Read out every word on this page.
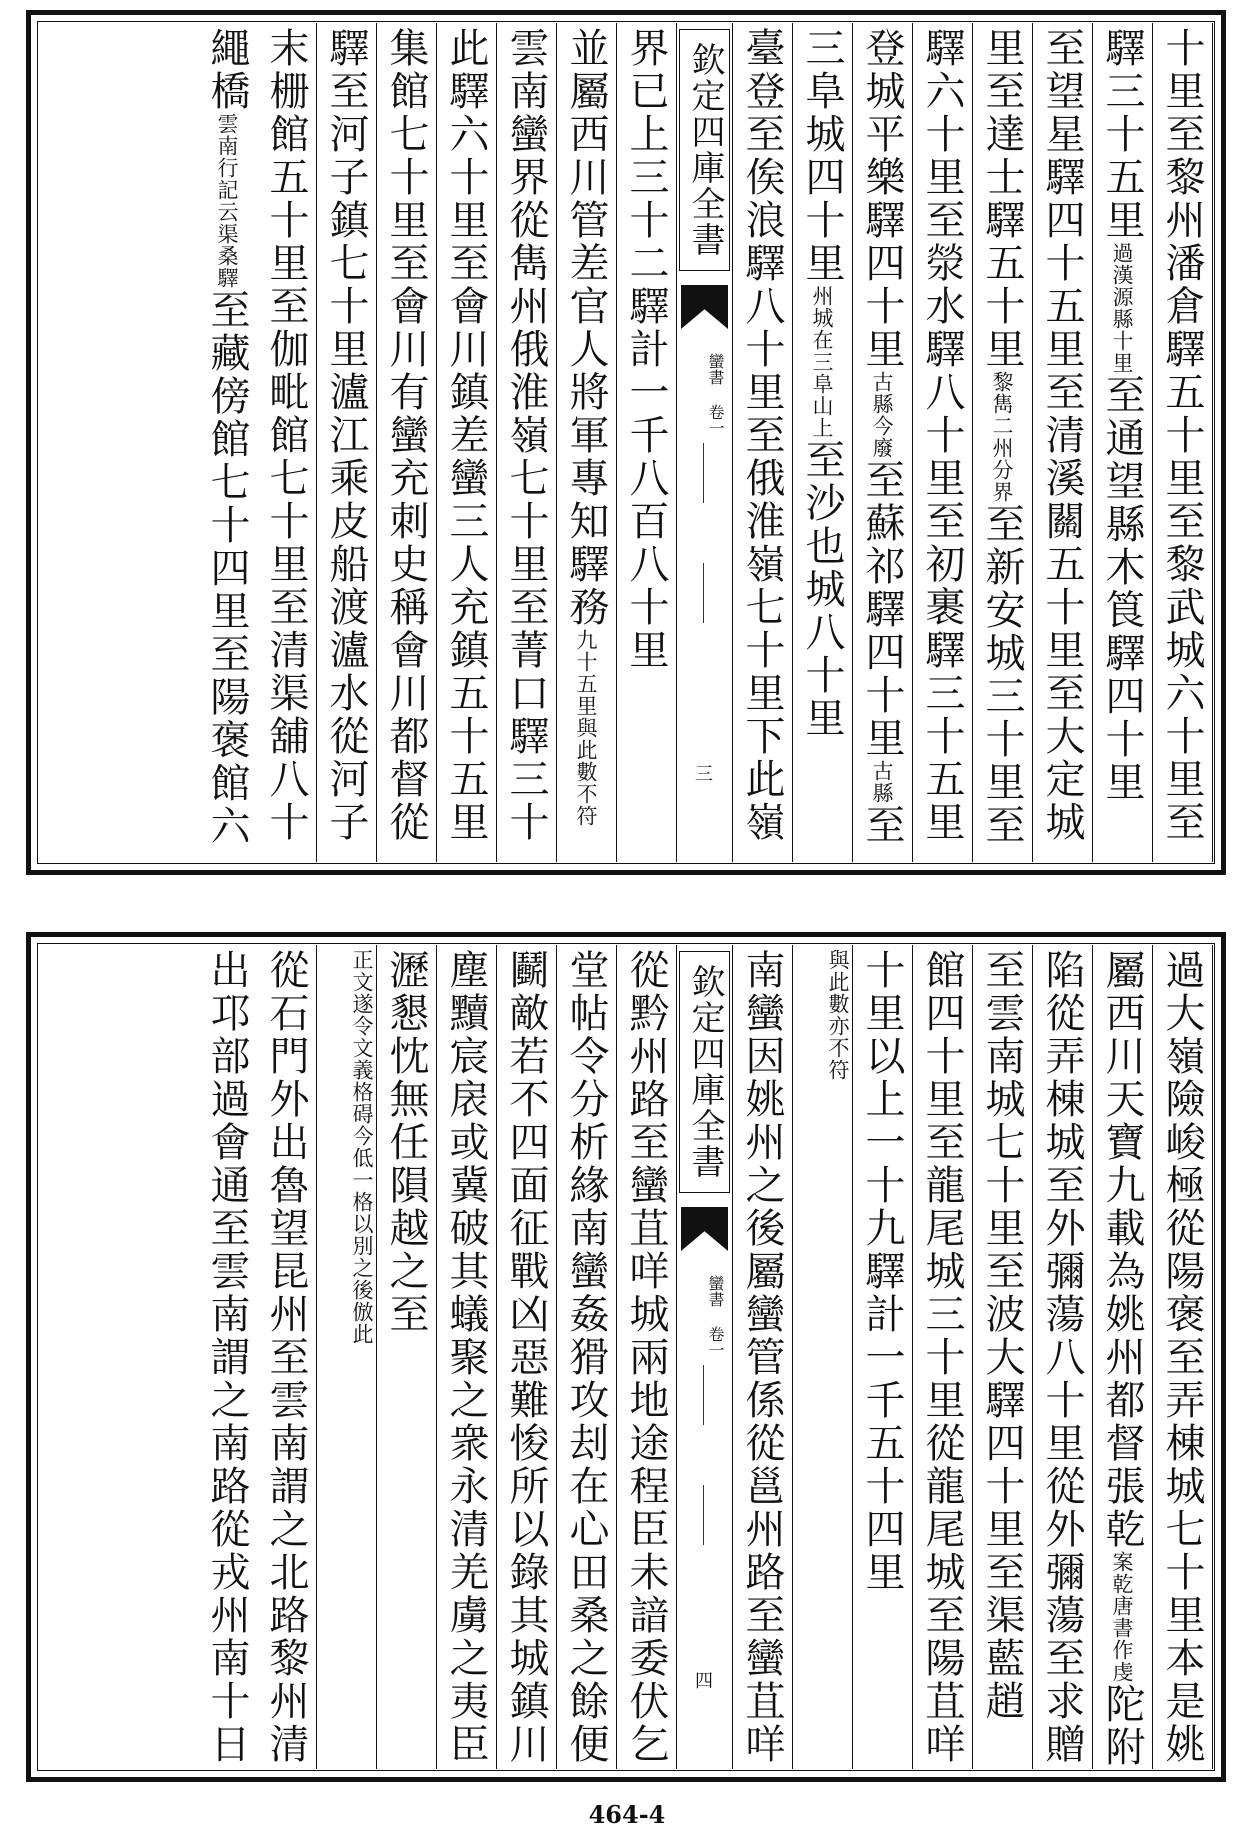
十里至黎州潘倉驛五十里至黎武城六十里至
驛三十五里過漢源縣十里至通望縣木筤驛四十里
至望星驛四十五里至清溪關五十里至大定城
里至達士驛五十里黎雋二州分界至新安城三十里至
驛六十里至滎水驛八十里至初裹驛三十五里
登城平樂驛四十里古縣今廢至蘇祁驛四十里古縣至
三阜城四十里州城在三阜山上至沙也城八十里
臺登至俟浪驛八十里至俄淮嶺七十里下此嶺
欽定四庫全書
蠻書 卷一
三
界已上三十二驛計一千八百八十里
並屬西川管差官人將軍專知驛務九十五里與此數不符
雲南蠻界從雋州俄淮嶺七十里至菁口驛三十
此驛六十里至會川鎮差蠻三人充鎮五十五里
集館七十里至會川有蠻充刺史稱會川都督從
驛至河子鎮七十里瀘江乘皮船渡瀘水從河子
末栅館五十里至伽毗館七十里至清渠舖八十
繩橋雲南行記云渠桑驛至藏傍館七十四里至陽褒館六
過大嶺險峻極從陽褒至弄棟城七十里本是姚
屬西川天寶九載為姚州都督張乾案乾唐書作虔陀附
陷從弄棟城至外彌蕩八十里從外彌蕩至求贈
至雲南城七十里至波大驛四十里至渠藍趙
館四十里至龍尾城三十里從龍尾城至陽苴咩
十里以上一十九驛計一千五十四里
與此數亦不符
南蠻因姚州之後屬蠻管係從邕州路至蠻苴咩
欽定四庫全書
蠻書 卷一
四
從黔州路至蠻苴咩城兩地途程臣未諳委伏乞
堂帖令分析緣南蠻姦猾攻刦在心田桑之餘便
鬬敵若不四面征戰凶惡難悛所以錄其城鎮川
塵黷宸扆或冀破其蟻聚之衆永清羌虜之夷臣
瀝懇忱無任隕越之至
正文遂令文義格碍今低一格以別之後倣此
從石門外出魯望昆州至雲南謂之北路黎州清
出邛部過會通至雲南謂之南路從戎州南十日
464-4
